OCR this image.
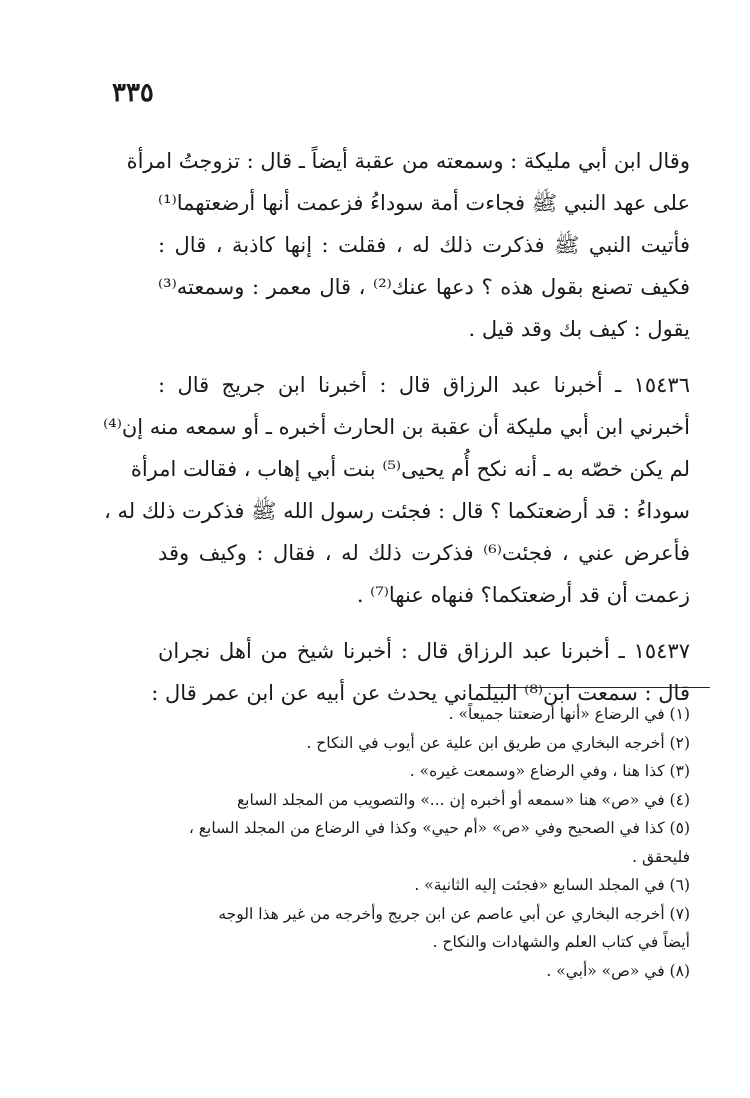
٣٣٥

وقال ابن أبي مليكة : وسمعته من عقبة أيضاً ـ قال : تزوجتُ امرأة
على عهد النبي ﷺ فجاءت أمة سوداءُ فزعمت أنها أرضعتهما⁽¹⁾
فأتيت النبي ﷺ فذكرت ذلك له ، فقلت : إنها كاذبة ، قال :
فكيف تصنع بقول هذه ؟ دعها عنك⁽²⁾ ، قال معمر : وسمعته⁽³⁾
يقول : كيف بك وقد قيل .

١٥٤٣٦ ـ أخبرنا عبد الرزاق قال : أخبرنا ابن جريج قال :
أخبرني ابن أبي مليكة أن عقبة بن الحارث أخبره ـ أو سمعه منه إن⁽⁴⁾
لم يكن خصّه به ـ أنه نكح أُم يحيى⁽⁵⁾ بنت أبي إهاب ، فقالت امرأة
سوداءُ : قد أرضعتكما ؟ قال : فجئت رسول الله ﷺ فذكرت ذلك له ،
فأعرض عني ، فجئت⁽⁶⁾ فذكرت ذلك له ، فقال : وكيف وقد
زعمت أن قد أرضعتكما؟ فنهاه عنها⁽⁷⁾ .

١٥٤٣٧ ـ أخبرنا عبد الرزاق قال : أخبرنا شيخ من أهل نجران
قال : سمعت ابن⁽⁸⁾ البيلماني يحدث عن أبيه عن ابن عمر قال :

(١) في الرضاع «أنها أرضعتنا جميعاً» .
(٢) أخرجه البخاري من طريق ابن علية عن أيوب في النكاح .
(٣) كذا هنا ، وفي الرضاع «وسمعت غيره» .
(٤) في «ص» هنا «سمعه أو أخبره إن ...» والتصويب من المجلد السابع
(٥) كذا في الصحيح وفي «ص» «أم حيي» وكذا في الرضاع من المجلد السابع ،
فليحقق .
(٦) في المجلد السابع «فجئت إليه الثانية» .
(٧) أخرجه البخاري عن أبي عاصم عن ابن جريج وأخرجه من غير هذا الوجه
أيضاً في كتاب العلم والشهادات والنكاح .
(٨) في «ص» «أبي» .
